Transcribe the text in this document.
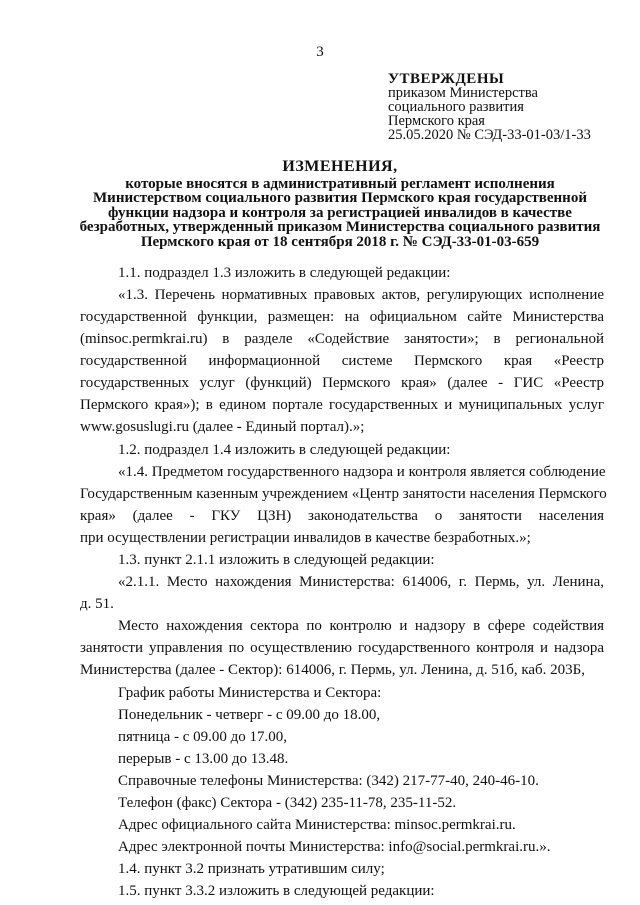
3
УТВЕРЖДЕНЫ
приказом Министерства
социального развития
Пермского края
25.05.2020 № СЭД-33-01-03/1-33
ИЗМЕНЕНИЯ,
которые вносятся в административный регламент исполнения
Министерством социального развития Пермского края государственной
функции надзора и контроля за регистрацией инвалидов в качестве
безработных, утвержденный приказом Министерства социального развития
Пермского края от 18 сентября 2018 г. № СЭД-33-01-03-659
1.1. подраздел 1.3 изложить в следующей редакции:
«1.3. Перечень нормативных правовых актов, регулирующих исполнение
государственной функции, размещен: на официальном сайте Министерства
(minsoc.permkrai.ru) в разделе «Содействие занятости»; в региональной
государственной информационной системе Пермского края «Реестр
государственных услуг (функций) Пермского края» (далее - ГИС «Реестр
Пермского края»); в едином портале государственных и муниципальных услуг
www.gosuslugi.ru (далее - Единый портал).»;
1.2. подраздел 1.4 изложить в следующей редакции:
«1.4. Предметом государственного надзора и контроля является соблюдение
Государственным казенным учреждением «Центр занятости населения Пермского
края» (далее - ГКУ ЦЗН) законодательства о занятости населения
при осуществлении регистрации инвалидов в качестве безработных.»;
1.3. пункт 2.1.1 изложить в следующей редакции:
«2.1.1. Место нахождения Министерства: 614006, г. Пермь, ул. Ленина,
д. 51.
Место нахождения сектора по контролю и надзору в сфере содействия
занятости управления по осуществлению государственного контроля и надзора
Министерства (далее - Сектор): 614006, г. Пермь, ул. Ленина, д. 51б, каб. 203Б,
График работы Министерства и Сектора:
Понедельник - четверг - с 09.00 до 18.00,
пятница - с 09.00 до 17.00,
перерыв - с 13.00 до 13.48.
Справочные телефоны Министерства: (342) 217-77-40, 240-46-10.
Телефон (факс) Сектора - (342) 235-11-78, 235-11-52.
Адрес официального сайта Министерства: minsoc.permkrai.ru.
Адрес электронной почты Министерства: info@social.permkrai.ru.».
1.4. пункт 3.2 признать утратившим силу;
1.5. пункт 3.3.2 изложить в следующей редакции:
